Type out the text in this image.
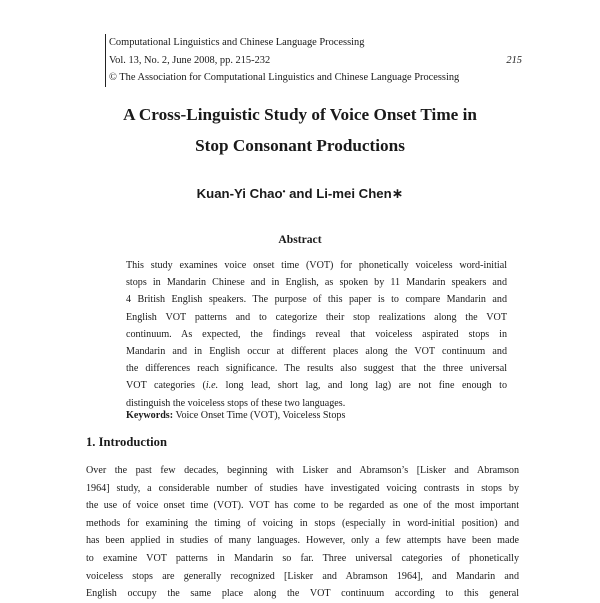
Computational Linguistics and Chinese Language Processing
Vol. 13, No. 2, June 2008, pp. 215-232	215
© The Association for Computational Linguistics and Chinese Language Processing
A Cross-Linguistic Study of Voice Onset Time in
Stop Consonant Productions
Kuan-Yi Chao• and Li-mei Chen∗
Abstract
This study examines voice onset time (VOT) for phonetically voiceless word-initial
stops in Mandarin Chinese and in English, as spoken by 11 Mandarin speakers and
4 British English speakers. The purpose of this paper is to compare Mandarin and
English VOT patterns and to categorize their stop realizations along the VOT
continuum. As expected, the findings reveal that voiceless aspirated stops in
Mandarin and in English occur at different places along the VOT continuum and
the differences reach significance. The results also suggest that the three universal
VOT categories (i.e. long lead, short lag, and long lag) are not fine enough to
distinguish the voiceless stops of these two languages.
Keywords: Voice Onset Time (VOT), Voiceless Stops
1. Introduction
Over the past few decades, beginning with Lisker and Abramson’s [Lisker and Abramson
1964] study, a considerable number of studies have investigated voicing contrasts in stops by
the use of voice onset time (VOT). VOT has come to be regarded as one of the most important
methods for examining the timing of voicing in stops (especially in word-initial position) and
has been applied in studies of many languages. However, only a few attempts have been made
to examine VOT patterns in Mandarin so far. Three universal categories of phonetically
voiceless stops are generally recognized [Lisker and Abramson 1964], and Mandarin and
English occupy the same place along the VOT continuum according to this general
